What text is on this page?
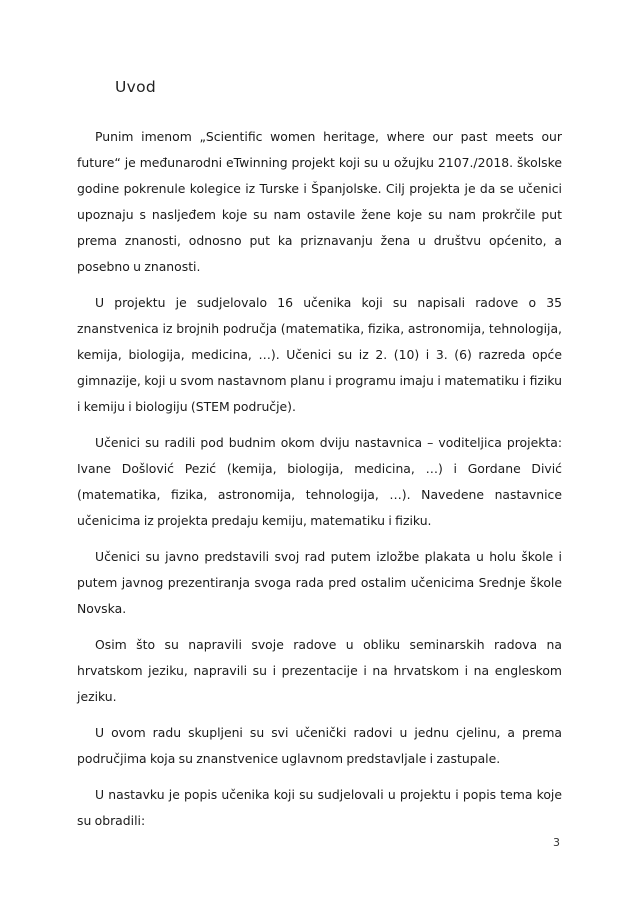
Uvod

Punim imenom „Scientific women heritage, where our past meets our future“ je međunarodni eTwinning projekt koji su u ožujku 2107./2018. školske godine pokrenule kolegice iz Turske i Španjolske. Cilj projekta je da se učenici upoznaju s nasljeđem koje su nam ostavile žene koje su nam prokrčile put prema znanosti, odnosno put ka priznavanju žena u društvu općenito, a posebno u znanosti.

U projektu je sudjelovalo 16 učenika koji su napisali radove o 35 znanstvenica iz brojnih područja (matematika, fizika, astronomija, tehnologija, kemija, biologija, medicina, …). Učenici su iz 2. (10) i 3. (6) razreda opće gimnazije, koji u svom nastavnom planu i programu imaju i matematiku i fiziku i kemiju i biologiju (STEM područje).

Učenici su radili pod budnim okom dviju nastavnica – voditeljica projekta: Ivane Došlović Pezić (kemija, biologija, medicina, …) i Gordane Divić (matematika, fizika, astronomija, tehnologija, …). Navedene nastavnice učenicima iz projekta predaju kemiju, matematiku i fiziku.

Učenici su javno predstavili svoj rad putem izložbe plakata u holu škole i putem javnog prezentiranja svoga rada pred ostalim učenicima Srednje škole Novska.

Osim što su napravili svoje radove u obliku seminarskih radova na hrvatskom jeziku, napravili su i prezentacije i na hrvatskom i na engleskom jeziku.

U ovom radu skupljeni su svi učenički radovi u jednu cjelinu, a prema područjima koja su znanstvenice uglavnom predstavljale i zastupale.

U nastavku je popis učenika koji su sudjelovali u projektu i popis tema koje su obradili:

3
